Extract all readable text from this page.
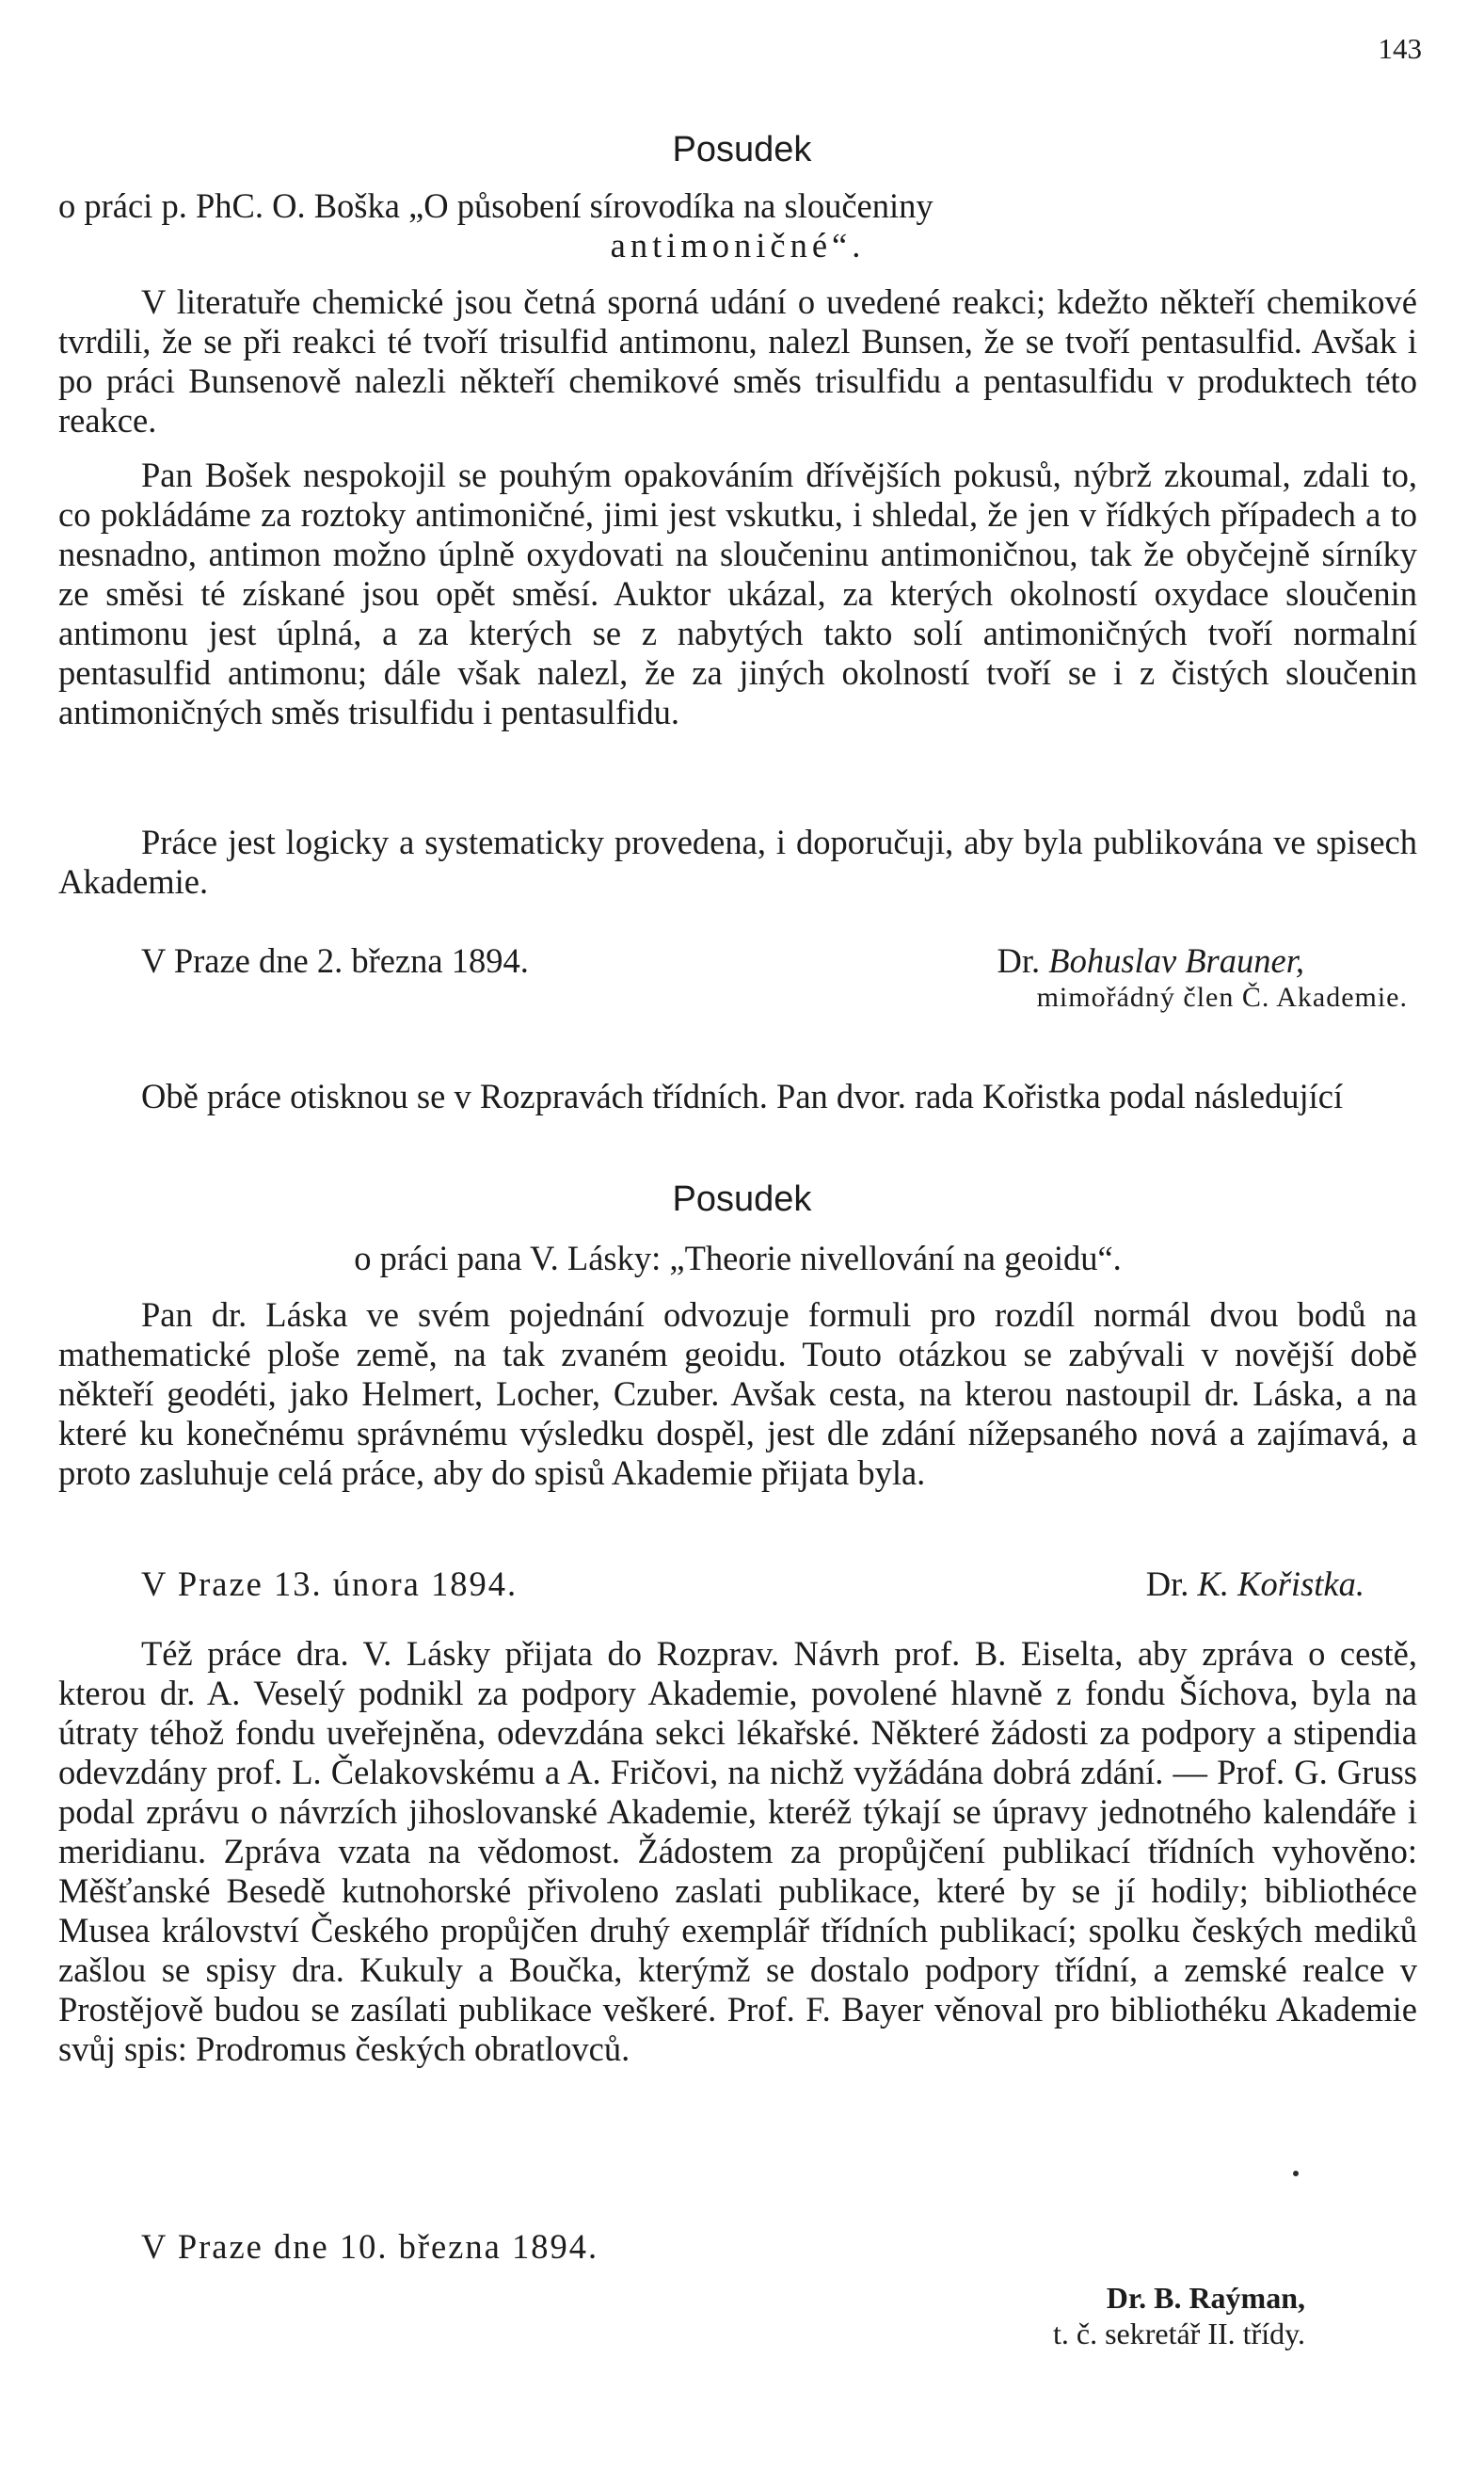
143
Posudek
o práci p. PhC. O. Boška „O působení sírovodíka na sloučeniny
antimoničné“.

V literatuře chemické jsou četná sporná udání o uvedené reakci; kdežto někteří chemikové tvrdili, že se při reakci té tvoří trisulfid antimonu, nalezl Bunsen, že se tvoří pentasulfid. Avšak i po práci Bunsenově nalezli někteří chemikové směs trisulfidu a pentasulfidu v produktech této reakce.

Pan Bošek nespokojil se pouhým opakováním dřívějších pokusů, nýbrž zkoumal, zdali to, co pokládáme za roztoky antimoničné, jimi jest vskutku, i shledal, že jen v řídkých případech a to nesnadno, antimon možno úplně oxydovati na sloučeninu antimoničnou, tak že obyčejně sírníky ze směsi té získané jsou opět směsí. Auktor ukázal, za kterých okolností oxydace sloučenin antimonu jest úplná, a za kterých se z nabytých takto solí antimoničných tvoří normalní pentasulfid antimonu; dále však nalezl, že za jiných okolností tvoří se i z čistých sloučenin antimoničných směs trisulfidu i pentasulfidu.

Práce jest logicky a systematicky provedena, i doporučuji, aby byla publikována ve spisech Akademie.

V Praze dne 2. března 1894.	Dr. Bohuslav Brauner,
mimořádný člen Č. Akademie.

Obě práce otisknou se v Rozpravách třídních. Pan dvor. rada Kořistka podal následující

Posudek
o práci pana V. Lásky: „Theorie nivellování na geoidu“.

Pan dr. Láska ve svém pojednání odvozuje formuli pro rozdíl normál dvou bodů na mathematické ploše země, na tak zvaném geoidu. Touto otázkou se zabývali v novější době někteří geodéti, jako Helmert, Locher, Czuber. Avšak cesta, na kterou nastoupil dr. Láska, a na které ku konečnému správnému výsledku dospěl, jest dle zdání nížepsaného nová a zajímavá, a proto zasluhuje celá práce, aby do spisů Akademie přijata byla.

V Praze 13. února 1894.	Dr. K. Kořistka.

Též práce dra. V. Lásky přijata do Rozprav. Návrh prof. B. Eiselta, aby zpráva o cestě, kterou dr. A. Veselý podnikl za podpory Akademie, povolené hlavně z fondu Šíchova, byla na útraty téhož fondu uveřejněna, odevzdána sekci lékařské. Některé žádosti za podpory a stipendia odevzdány prof. L. Čelakovskému a A. Fričovi, na nichž vyžádána dobrá zdání. — Prof. G. Gruss podal zprávu o návrzích jihoslovanské Akademie, kteréž týkají se úpravy jednotného kalendáře i meridianu. Zpráva vzata na vědomost. Žádostem za propůjčení publikací třídních vyhověno: Měšťanské Besedě kutnohorské přivoleno zaslati publikace, které by se jí hodily; bibliothéce Musea království Českého propůjčen druhý exemplář třídních publikací; spolku českých mediků zašlou se spisy dra. Kukuly a Boučka, kterýmž se dostalo podpory třídní, a zemské realce v Prostějově budou se zasílati publikace veškeré. Prof. F. Bayer věnoval pro bibliothéku Akademie svůj spis: Prodromus českých obratlovců.

V Praze dne 10. března 1894.
Dr. B. Raýman,
t. č. sekretář II. třídy.
